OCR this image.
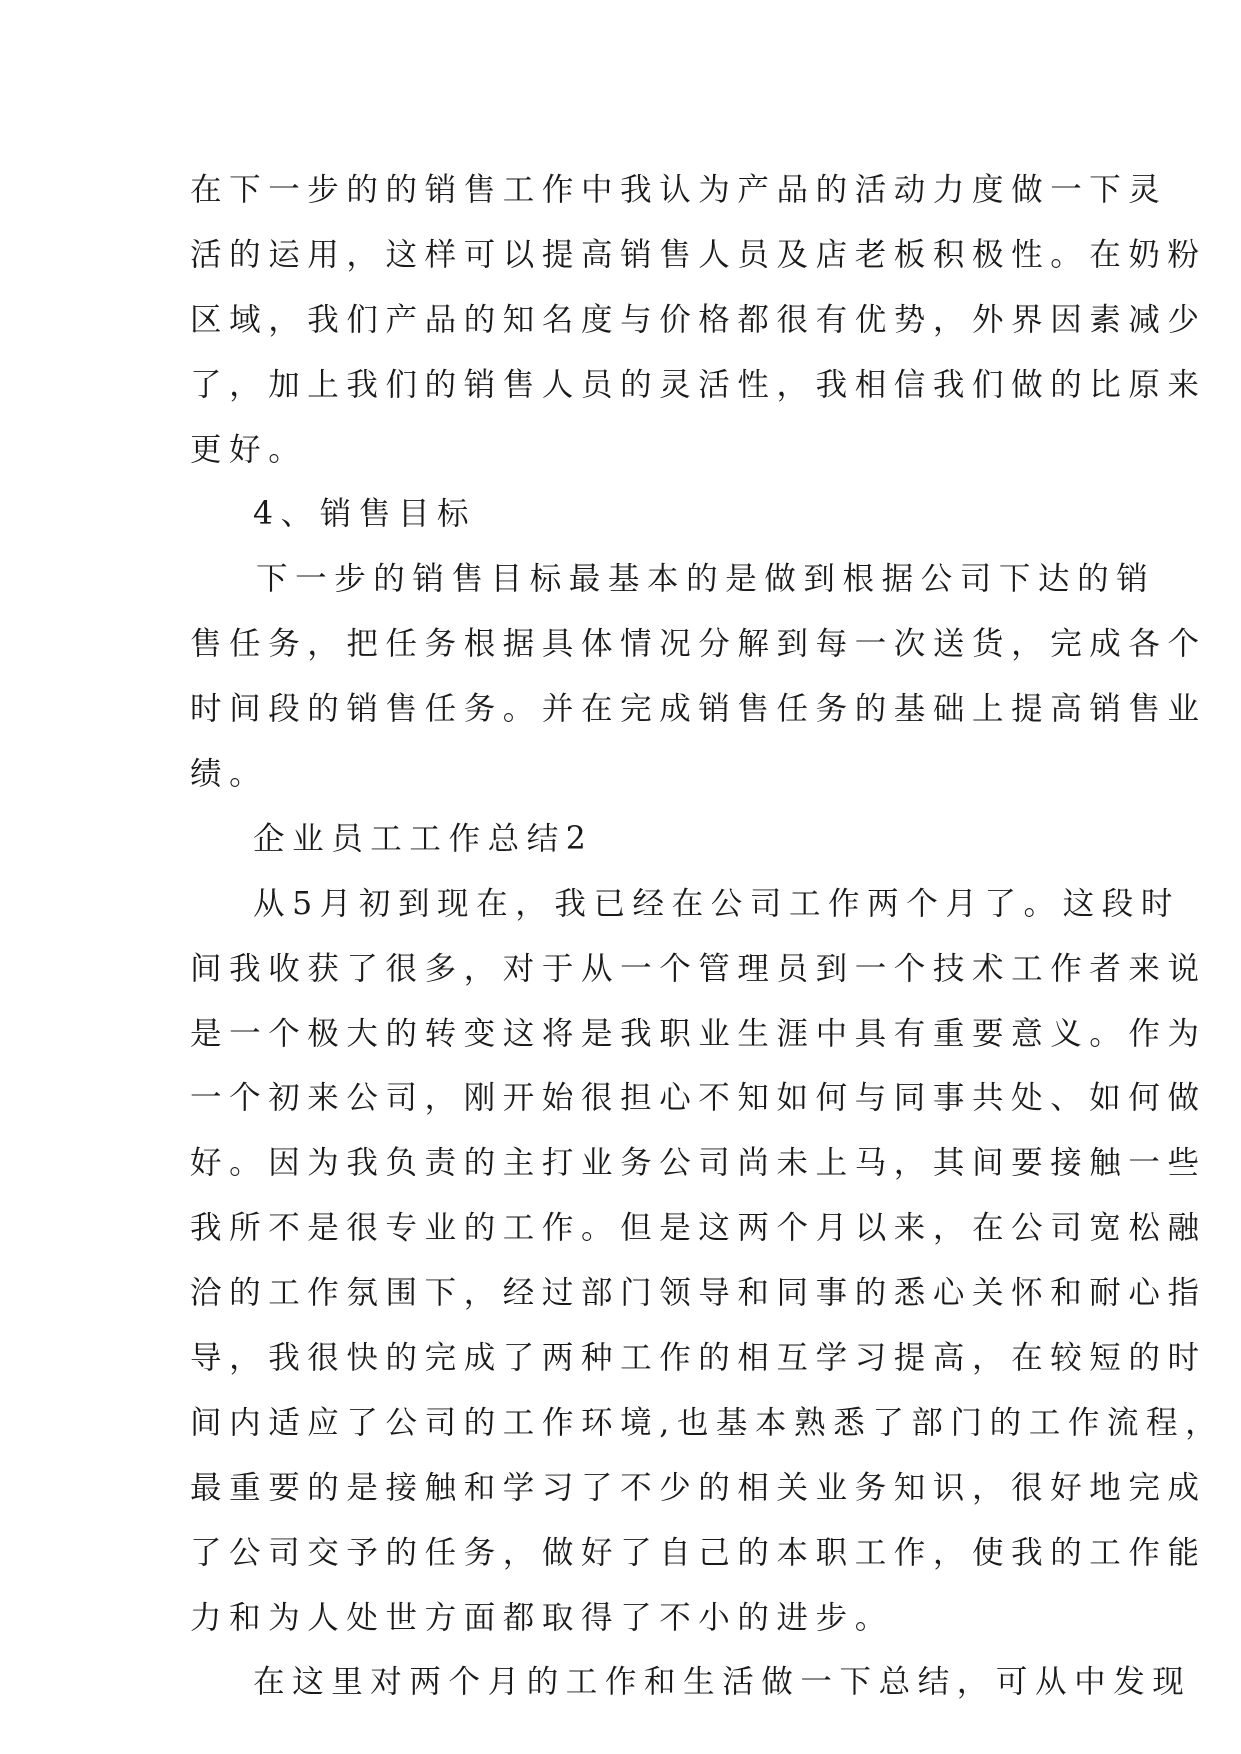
在下一步的的销售工作中我认为产品的活动力度做一下灵

活的运用，这样可以提高销售人员及店老板积极性。在奶粉

区域，我们产品的知名度与价格都很有优势，外界因素减少

了，加上我们的销售人员的灵活性，我相信我们做的比原来

更好。

4、销售目标

下一步的销售目标最基本的是做到根据公司下达的销

售任务，把任务根据具体情况分解到每一次送货，完成各个

时间段的销售任务。并在完成销售任务的基础上提高销售业

绩。

企业员工工作总结2

从5月初到现在，我已经在公司工作两个月了。这段时

间我收获了很多，对于从一个管理员到一个技术工作者来说

是一个极大的转变这将是我职业生涯中具有重要意义。作为

一个初来公司，刚开始很担心不知如何与同事共处、如何做

好。因为我负责的主打业务公司尚未上马，其间要接触一些

我所不是很专业的工作。但是这两个月以来，在公司宽松融

洽的工作氛围下，经过部门领导和同事的悉心关怀和耐心指

导，我很快的完成了两种工作的相互学习提高，在较短的时

间内适应了公司的工作环境,也基本熟悉了部门的工作流程，

最重要的是接触和学习了不少的相关业务知识，很好地完成

了公司交予的任务，做好了自己的本职工作，使我的工作能

力和为人处世方面都取得了不小的进步。

在这里对两个月的工作和生活做一下总结，可从中发现
